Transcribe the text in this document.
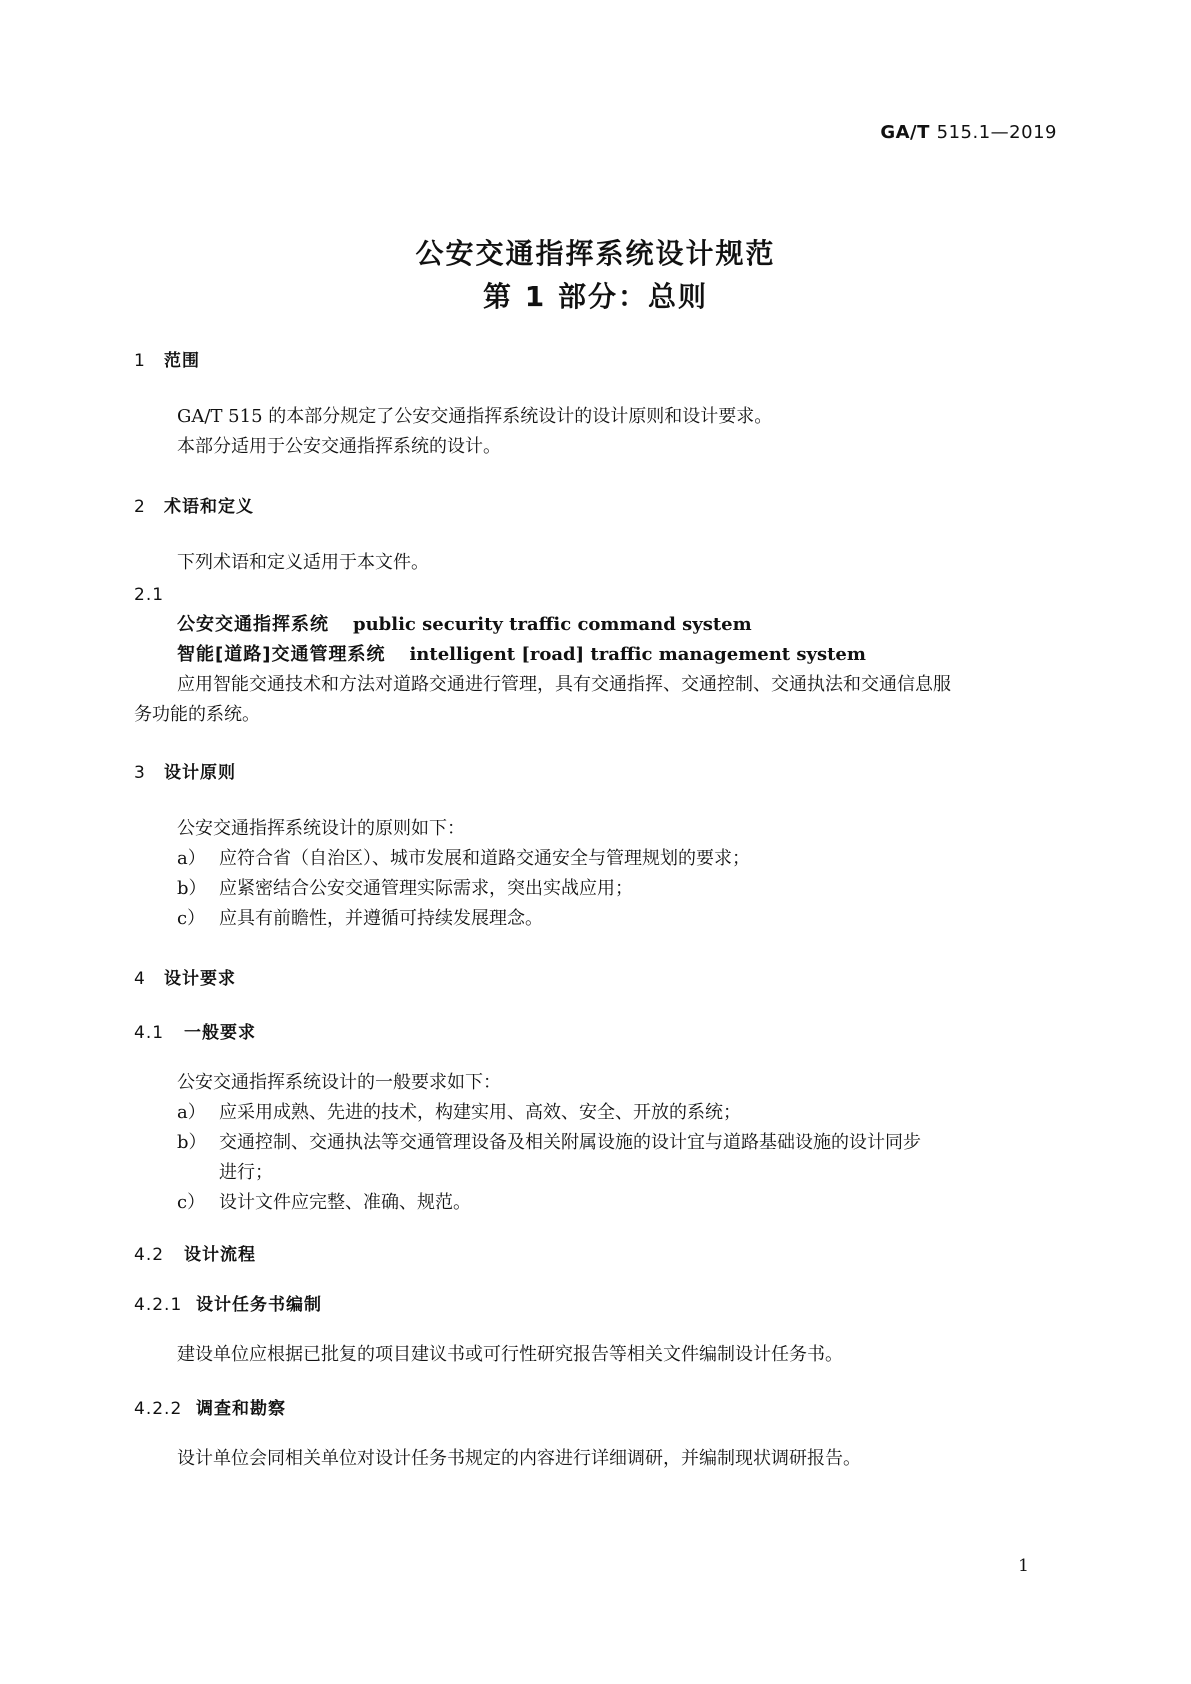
GA/T 515.1—2019
公安交通指挥系统设计规范
第 1 部分：总则
1 范围
GA/T 515 的本部分规定了公安交通指挥系统设计的设计原则和设计要求。
本部分适用于公安交通指挥系统的设计。
2 术语和定义
下列术语和定义适用于本文件。
2.1
公安交通指挥系统 public security traffic command system
智能[道路]交通管理系统 intelligent [road] traffic management system
应用智能交通技术和方法对道路交通进行管理，具有交通指挥、交通控制、交通执法和交通信息服
务功能的系统。
3 设计原则
公安交通指挥系统设计的原则如下：
a） 应符合省（自治区）、城市发展和道路交通安全与管理规划的要求；
b） 应紧密结合公安交通管理实际需求，突出实战应用；
c） 应具有前瞻性，并遵循可持续发展理念。
4 设计要求
4.1 一般要求
公安交通指挥系统设计的一般要求如下：
a） 应采用成熟、先进的技术，构建实用、高效、安全、开放的系统；
b） 交通控制、交通执法等交通管理设备及相关附属设施的设计宜与道路基础设施的设计同步
进行；
c） 设计文件应完整、准确、规范。
4.2 设计流程
4.2.1 设计任务书编制
建设单位应根据已批复的项目建议书或可行性研究报告等相关文件编制设计任务书。
4.2.2 调查和勘察
设计单位会同相关单位对设计任务书规定的内容进行详细调研，并编制现状调研报告。
1
